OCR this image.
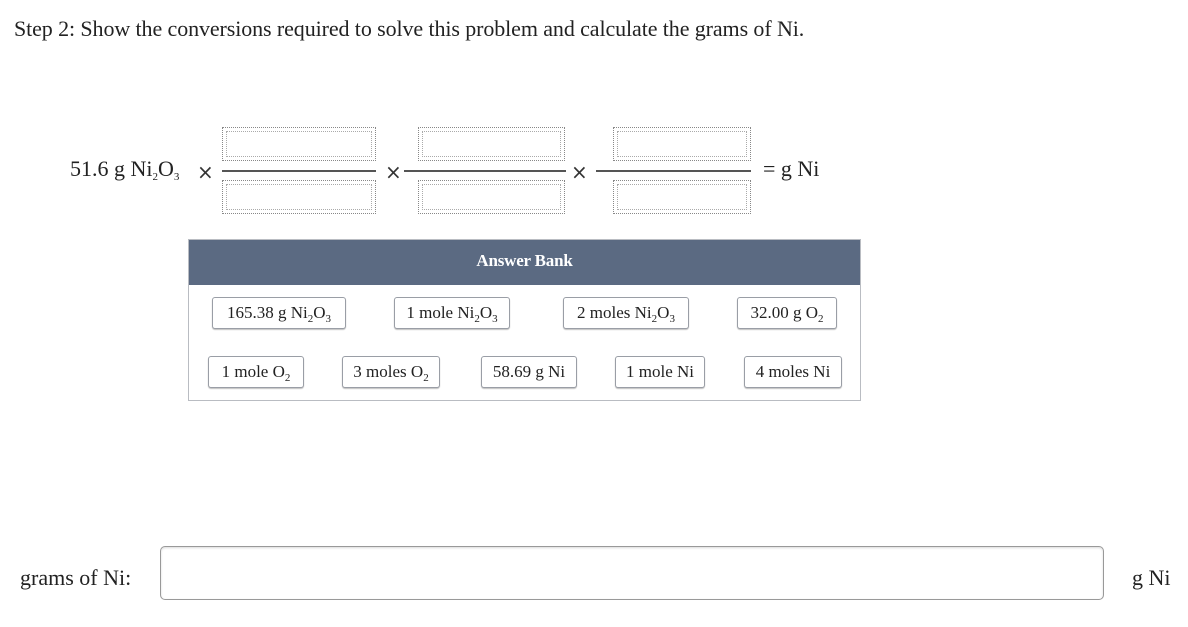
Step 2: Show the conversions required to solve this problem and calculate the grams of Ni.
51.6 g $Ni_2O_3$ ×	×	×	= g Ni
Answer Bank
165.38 g $Ni_2O_3$	1 mole $Ni_2O_3$	2 moles $Ni_2O_3$	32.00 g $O_2$
1 mole $O_2$	3 moles $O_2$	58.69 g Ni	1 mole Ni	4 moles Ni
grams of Ni:	g Ni
